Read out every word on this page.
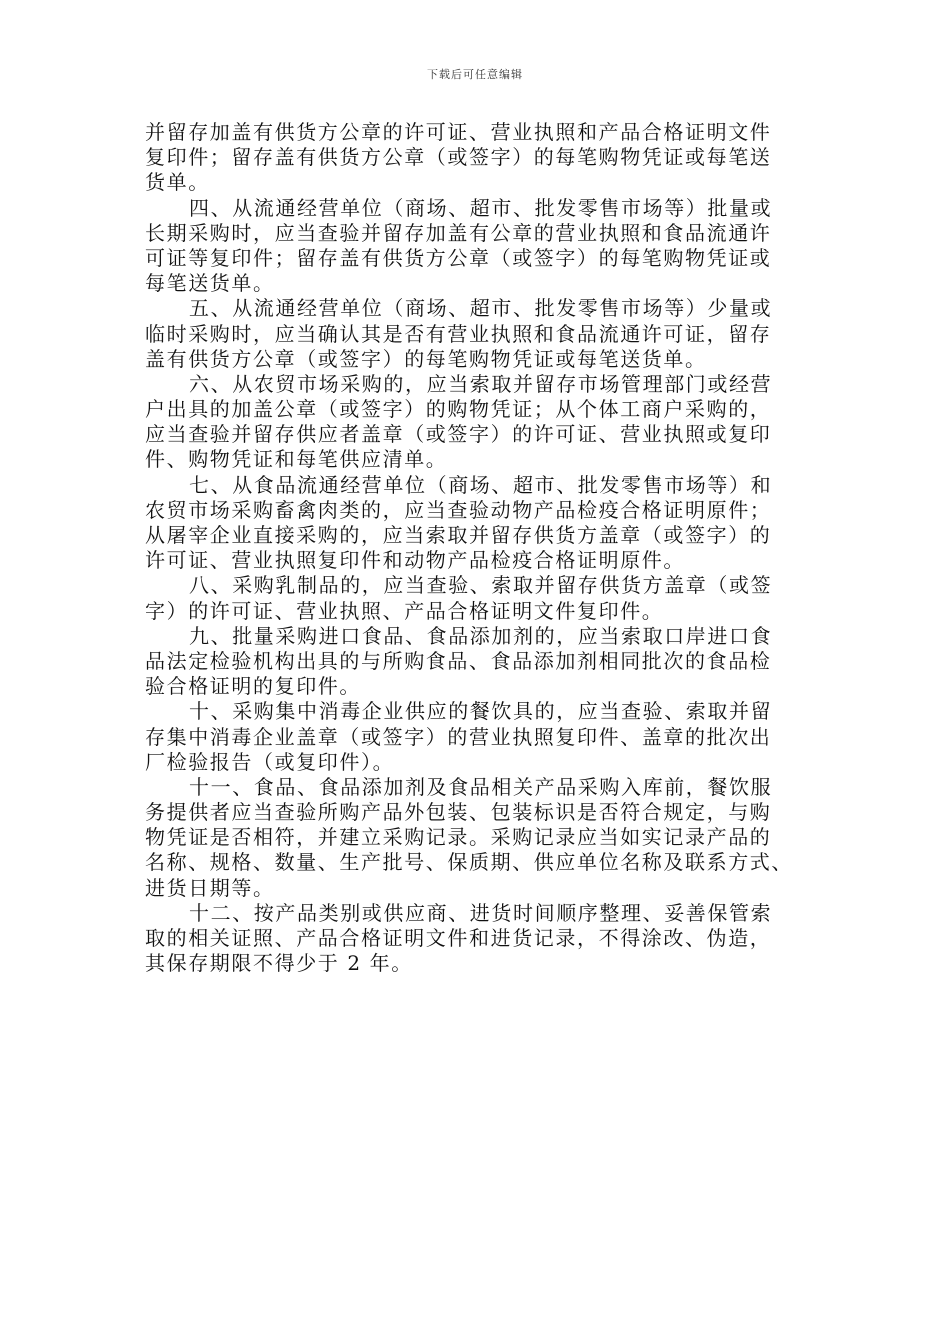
下载后可任意编辑
并留存加盖有供货方公章的许可证、营业执照和产品合格证明文件
复印件；留存盖有供货方公章（或签字）的每笔购物凭证或每笔送
货单。
四、从流通经营单位（商场、超市、批发零售市场等）批量或
长期采购时，应当查验并留存加盖有公章的营业执照和食品流通许
可证等复印件；留存盖有供货方公章（或签字）的每笔购物凭证或
每笔送货单。
五、从流通经营单位（商场、超市、批发零售市场等）少量或
临时采购时，应当确认其是否有营业执照和食品流通许可证，留存
盖有供货方公章（或签字）的每笔购物凭证或每笔送货单。
六、从农贸市场采购的，应当索取并留存市场管理部门或经营
户出具的加盖公章（或签字）的购物凭证；从个体工商户采购的，
应当查验并留存供应者盖章（或签字）的许可证、营业执照或复印
件、购物凭证和每笔供应清单。
七、从食品流通经营单位（商场、超市、批发零售市场等）和
农贸市场采购畜禽肉类的，应当查验动物产品检疫合格证明原件；
从屠宰企业直接采购的，应当索取并留存供货方盖章（或签字）的
许可证、营业执照复印件和动物产品检疫合格证明原件。
八、采购乳制品的，应当查验、索取并留存供货方盖章（或签
字）的许可证、营业执照、产品合格证明文件复印件。
九、批量采购进口食品、食品添加剂的，应当索取口岸进口食
品法定检验机构出具的与所购食品、食品添加剂相同批次的食品检
验合格证明的复印件。
十、采购集中消毒企业供应的餐饮具的，应当查验、索取并留
存集中消毒企业盖章（或签字）的营业执照复印件、盖章的批次出
厂检验报告（或复印件）。
十一、食品、食品添加剂及食品相关产品采购入库前，餐饮服
务提供者应当查验所购产品外包装、包装标识是否符合规定，与购
物凭证是否相符，并建立采购记录。采购记录应当如实记录产品的
名称、规格、数量、生产批号、保质期、供应单位名称及联系方式、
进货日期等。
十二、按产品类别或供应商、进货时间顺序整理、妥善保管索
取的相关证照、产品合格证明文件和进货记录，不得涂改、伪造，
其保存期限不得少于 2 年。
